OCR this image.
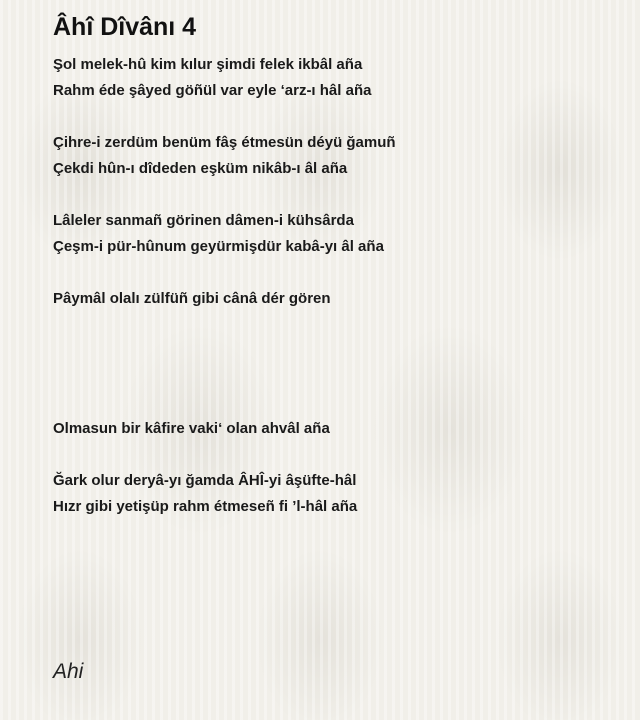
Âhî Dîvânı 4
Şol melek-hû kim kılur şimdi felek ikbâl aña
Rahm éde şâyed göñül var eyle ‘arz-ı hâl aña
Çihre-i zerdüm benüm fâş étmesün déyü ğamuñ
Çekdi hûn-ı dîdeden eşküm nikâb-ı âl aña
Lâleler sanmañ görinen dâmen-i kühsârda
Çeşm-i pür-hûnum geyürmişdür kabâ-yı âl aña
Pâymâl olalı zülfüñ gibi cânâ dér gören
Olmasun bir kâfire vaki‘ olan ahvâl aña
Ğark olur deryâ-yı ğamda ÂHÎ-yi âşüfte-hâl
Hızr gibi yetişüp rahm étmeseñ fi ’l-hâl aña
Ahi
